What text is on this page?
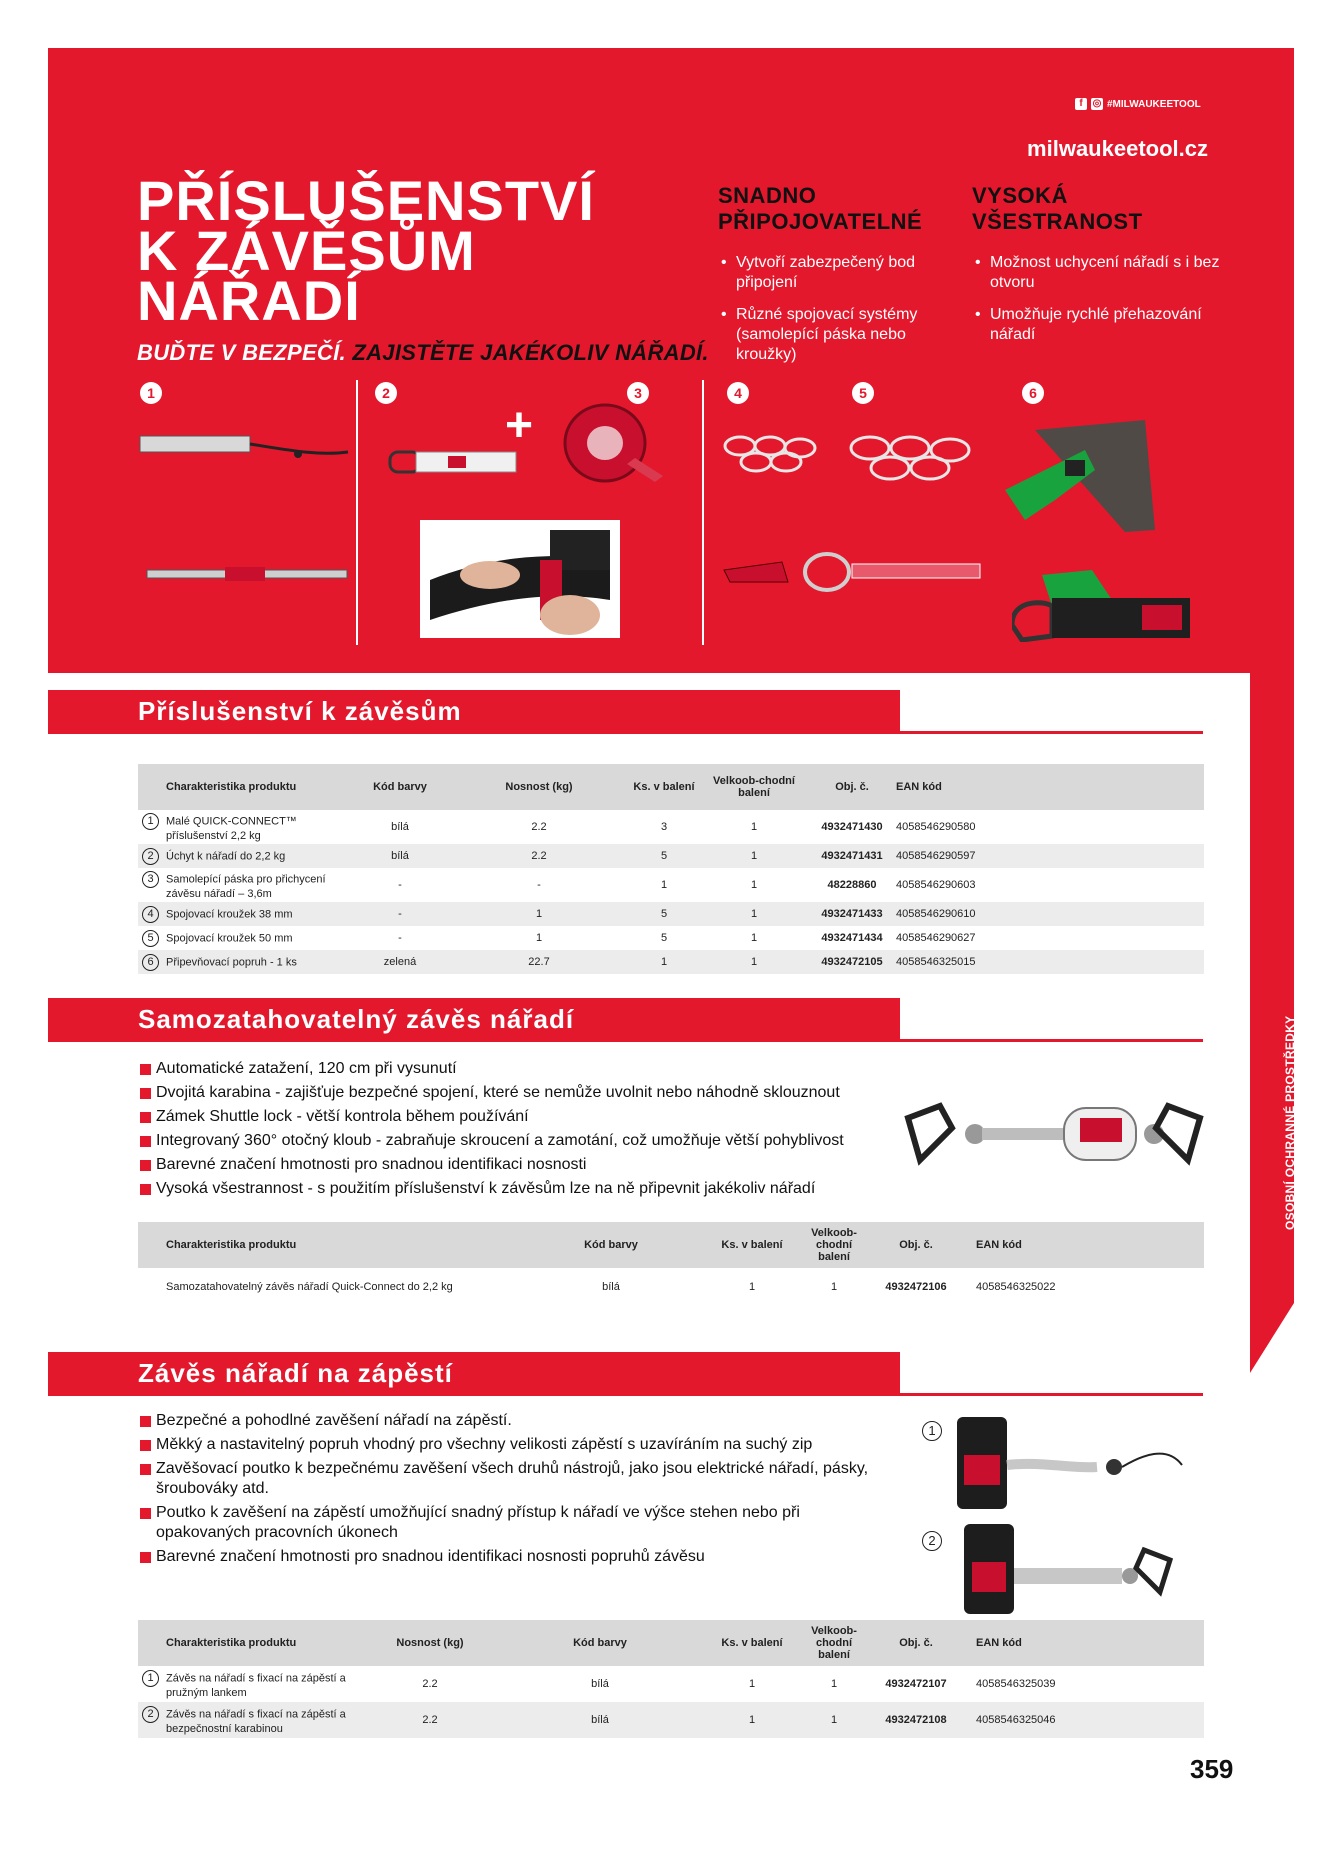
OSOBNÍ OCHRANNÉ PROSTŘEDKY
f ◎ #MILWAUKEETOOL
milwaukeetool.cz
PŘÍSLUŠENSTVÍ
K ZÁVĚSŮM
NÁŘADÍ
BUĎTE V BEZPEČÍ. ZAJISTĚTE JAKÉKOLIV NÁŘADÍ.
SNADNO
PŘIPOJOVATELNÉ
• Vytvoří zabezpečený bod připojení
• Různé spojovací systémy (samolepící páska nebo kroužky)
VYSOKÁ
VŠESTRANOST
• Možnost uchycení nářadí s i bez otvoru
• Umožňuje rychlé přehazování nářadí
1	2	3	4	5	6
+
Příslušenství k závěsům
Charakteristika produktu	Kód barvy	Nosnost (kg)	Ks. v balení	Velkoob-chodní balení	Obj. č.	EAN kód
1 Malé QUICK-CONNECT™ příslušenství 2,2 kg	bílá	2.2	3	1	4932471430	4058546290580
2 Úchyt k nářadí do 2,2 kg	bílá	2.2	5	1	4932471431	4058546290597
3 Samolepící páska pro přichycení závěsu nářadí – 3,6m	-	-	1	1	48228860	4058546290603
4 Spojovací kroužek 38 mm	-	1	5	1	4932471433	4058546290610
5 Spojovací kroužek 50 mm	-	1	5	1	4932471434	4058546290627
6 Připevňovací popruh - 1 ks	zelená	22.7	1	1	4932472105	4058546325015
Samozatahovatelný závěs nářadí
Automatické zatažení, 120 cm při vysunutí
Dvojitá karabina - zajišťuje bezpečné spojení, které se nemůže uvolnit nebo náhodně sklouznout
Zámek Shuttle lock - větší kontrola během používání
Integrovaný 360° otočný kloub - zabraňuje skroucení a zamotání, což umožňuje větší pohyblivost
Barevné značení hmotnosti pro snadnou identifikaci nosnosti
Vysoká všestrannost - s použitím příslušenství k závěsům lze na ně připevnit jakékoliv nářadí
Charakteristika produktu	Kód barvy	Ks. v balení	Velkoob-chodní balení	Obj. č.	EAN kód
Samozatahovatelný závěs nářadí Quick-Connect do 2,2 kg	bílá	1	1	4932472106	4058546325022
Závěs nářadí na zápěstí
Bezpečné a pohodlné zavěšení nářadí na zápěstí.
Měkký a nastavitelný popruh vhodný pro všechny velikosti zápěstí s uzavíráním na suchý zip
Zavěšovací poutko k bezpečnému zavěšení všech druhů nástrojů, jako jsou elektrické nářadí, pásky, šroubováky atd.
Poutko k zavěšení na zápěstí umožňující snadný přístup k nářadí ve výšce stehen nebo při opakovaných pracovních úkonech
Barevné značení hmotnosti pro snadnou identifikaci nosnosti popruhů závěsu
1
2
Charakteristika produktu	Nosnost (kg)	Kód barvy	Ks. v balení	Velkoob-chodní balení	Obj. č.	EAN kód
1 Závěs na nářadí s fixací na zápěstí a pružným lankem	2.2	bílá	1	1	4932472107	4058546325039
2 Závěs na nářadí s fixací na zápěstí a bezpečnostní karabinou	2.2	bílá	1	1	4932472108	4058546325046
359
